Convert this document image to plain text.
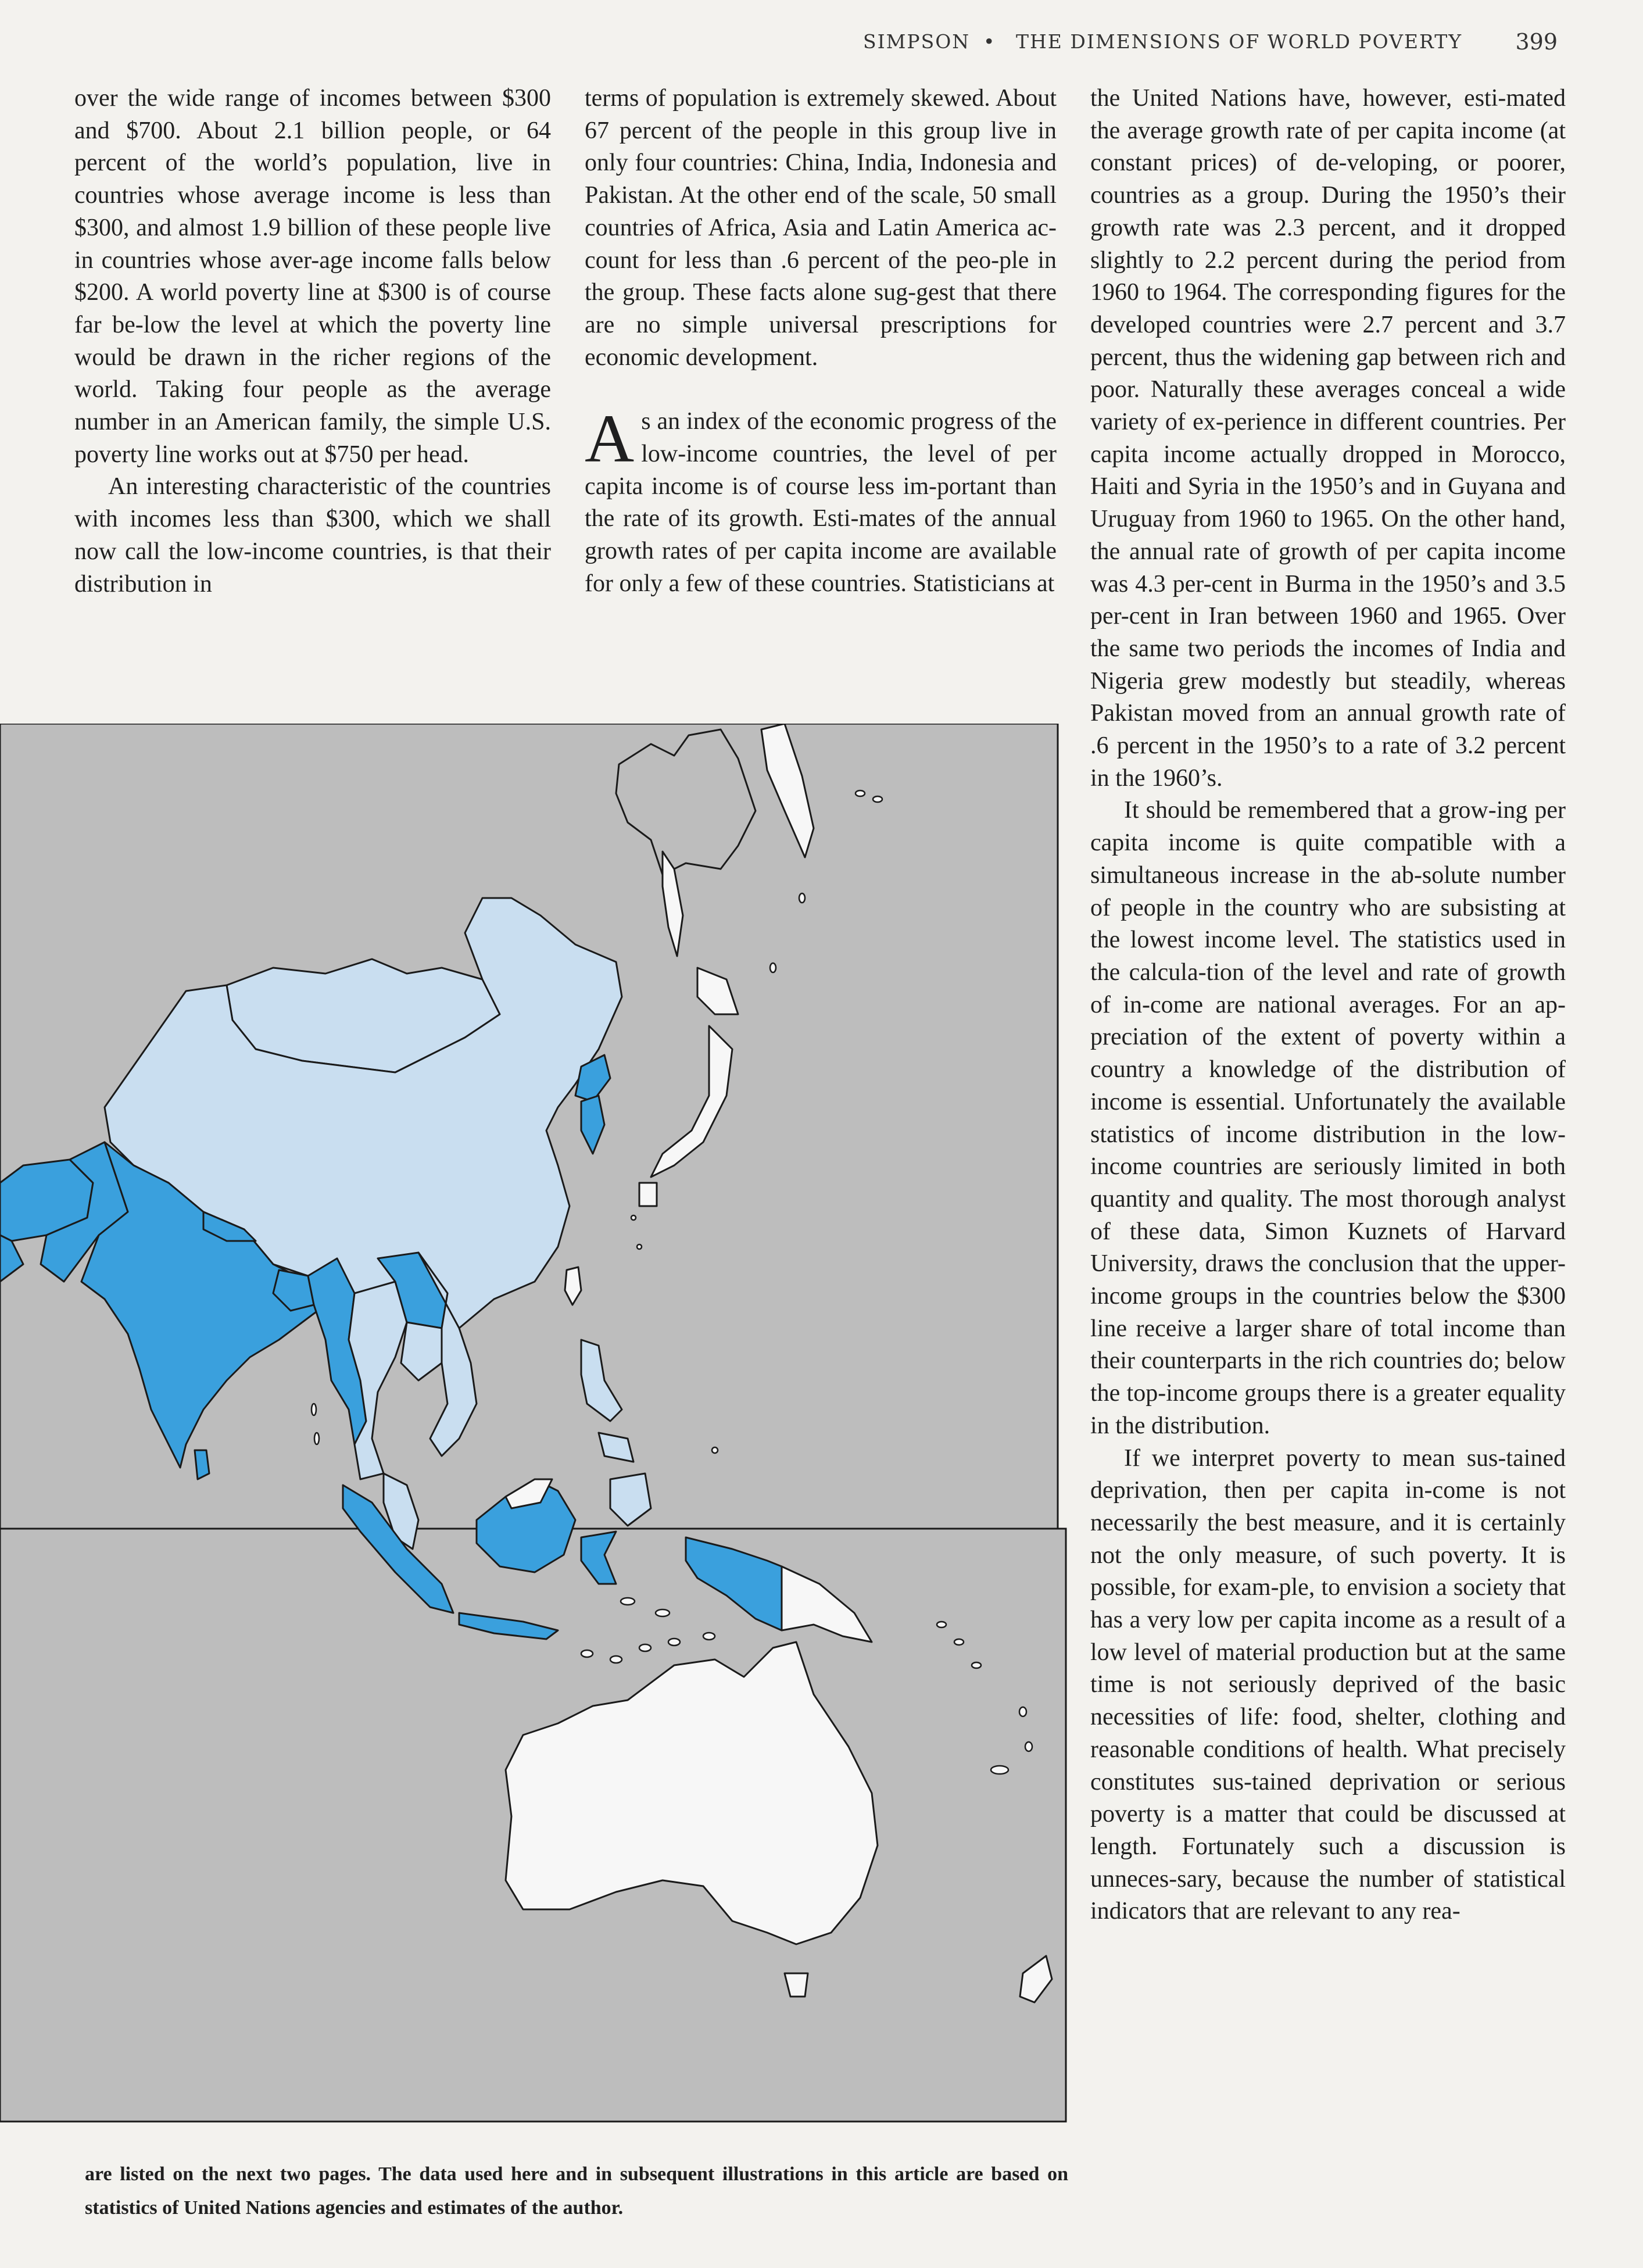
SIMPSON • THE DIMENSIONS OF WORLD POVERTY 399

over the wide range of incomes between $300 and $700. About 2.1 billion people, or 64 percent of the world’s population, live in countries whose average income is less than $300, and almost 1.9 billion of these people live in countries whose aver-age income falls below $200. A world poverty line at $300 is of course far be-low the level at which the poverty line would be drawn in the richer regions of the world. Taking four people as the average number in an American family, the simple U.S. poverty line works out at $750 per head.

An interesting characteristic of the countries with incomes less than $300, which we shall now call the low-income countries, is that their distribution in

terms of population is extremely skewed. About 67 percent of the people in this group live in only four countries: China, India, Indonesia and Pakistan. At the other end of the scale, 50 small countries of Africa, Asia and Latin America ac-count for less than .6 percent of the peo-ple in the group. These facts alone sug-gest that there are no simple universal prescriptions for economic development.

As an index of the economic progress of the low-income countries, the level of per capita income is of course less im-portant than the rate of its growth. Esti-mates of the annual growth rates of per capita income are available for only a few of these countries. Statisticians at

the United Nations have, however, esti-mated the average growth rate of per capita income (at constant prices) of de-veloping, or poorer, countries as a group. During the 1950’s their growth rate was 2.3 percent, and it dropped slightly to 2.2 percent during the period from 1960 to 1964. The corresponding figures for the developed countries were 2.7 percent and 3.7 percent, thus the widening gap between rich and poor. Naturally these averages conceal a wide variety of ex-perience in different countries. Per capita income actually dropped in Morocco, Haiti and Syria in the 1950’s and in Guyana and Uruguay from 1960 to 1965. On the other hand, the annual rate of growth of per capita income was 4.3 per-cent in Burma in the 1950’s and 3.5 per-cent in Iran between 1960 and 1965. Over the same two periods the incomes of India and Nigeria grew modestly but steadily, whereas Pakistan moved from an annual growth rate of .6 percent in the 1950’s to a rate of 3.2 percent in the 1960’s.

It should be remembered that a grow-ing per capita income is quite compatible with a simultaneous increase in the ab-solute number of people in the country who are subsisting at the lowest income level. The statistics used in the calcula-tion of the level and rate of growth of in-come are national averages. For an ap-preciation of the extent of poverty within a country a knowledge of the distribution of income is essential. Unfortunately the available statistics of income distribution in the low-income countries are seriously limited in both quantity and quality. The most thorough analyst of these data, Simon Kuznets of Harvard University, draws the conclusion that the upper-income groups in the countries below the $300 line receive a larger share of total income than their counterparts in the rich countries do; below the top-income groups there is a greater equality in the distribution.

If we interpret poverty to mean sus-tained deprivation, then per capita in-come is not necessarily the best measure, and it is certainly not the only measure, of such poverty. It is possible, for exam-ple, to envision a society that has a very low per capita income as a result of a low level of material production but at the same time is not seriously deprived of the basic necessities of life: food, shelter, clothing and reasonable conditions of health. What precisely constitutes sus-tained deprivation or serious poverty is a matter that could be discussed at length. Fortunately such a discussion is unneces-sary, because the number of statistical indicators that are relevant to any rea-

are listed on the next two pages. The data used here and in subsequent illustrations in this article are based on statistics of United Nations agencies and estimates of the author.
